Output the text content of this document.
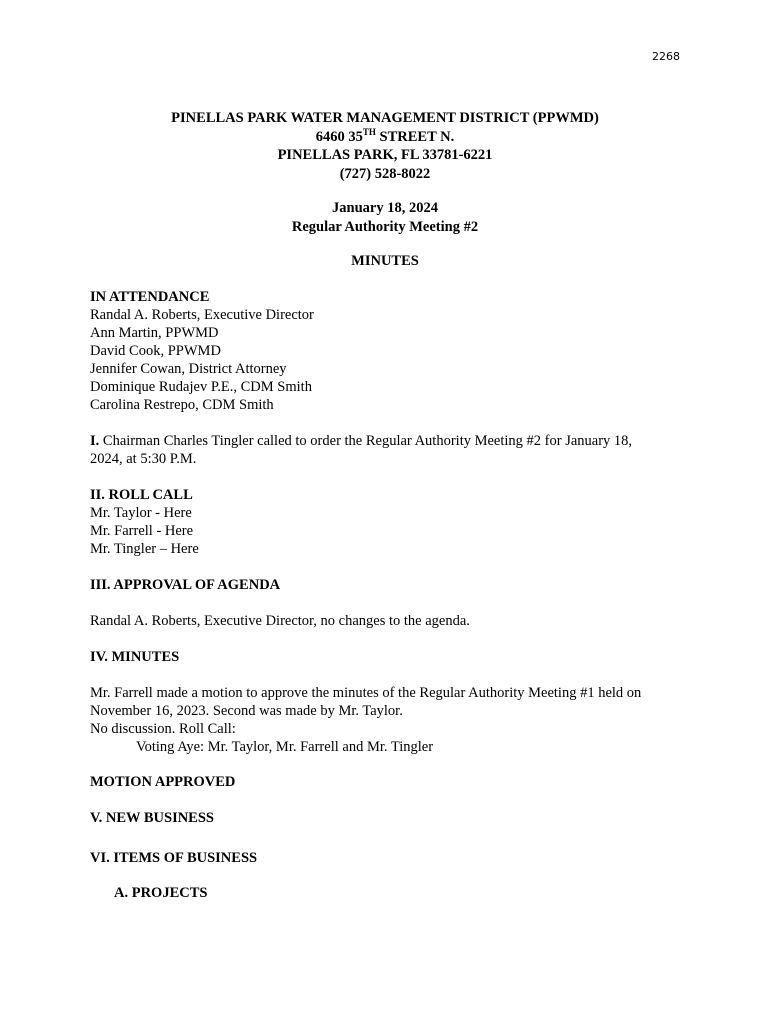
2268
PINELLAS PARK WATER MANAGEMENT DISTRICT (PPWMD)
6460 35TH STREET N.
PINELLAS PARK, FL 33781-6221
(727) 528-8022
January 18, 2024
Regular Authority Meeting #2
MINUTES

IN ATTENDANCE

Randal A. Roberts, Executive Director

Ann Martin, PPWMD

David Cook, PPWMD

Jennifer Cowan, District Attorney

Dominique Rudajev P.E., CDM Smith

Carolina Restrepo, CDM Smith

I. Chairman Charles Tingler called to order the Regular Authority Meeting #2 for January 18,

2024, at 5:30 P.M.

II. ROLL CALL

Mr. Taylor - Here

Mr. Farrell - Here

Mr. Tingler – Here

III. APPROVAL OF AGENDA

Randal A. Roberts, Executive Director, no changes to the agenda.

IV. MINUTES

Mr. Farrell made a motion to approve the minutes of the Regular Authority Meeting #1 held on

November 16, 2023. Second was made by Mr. Taylor.

No discussion. Roll Call:

Voting Aye: Mr. Taylor, Mr. Farrell and Mr. Tingler

MOTION APPROVED

V. NEW BUSINESS

VI. ITEMS OF BUSINESS

A. PROJECTS
